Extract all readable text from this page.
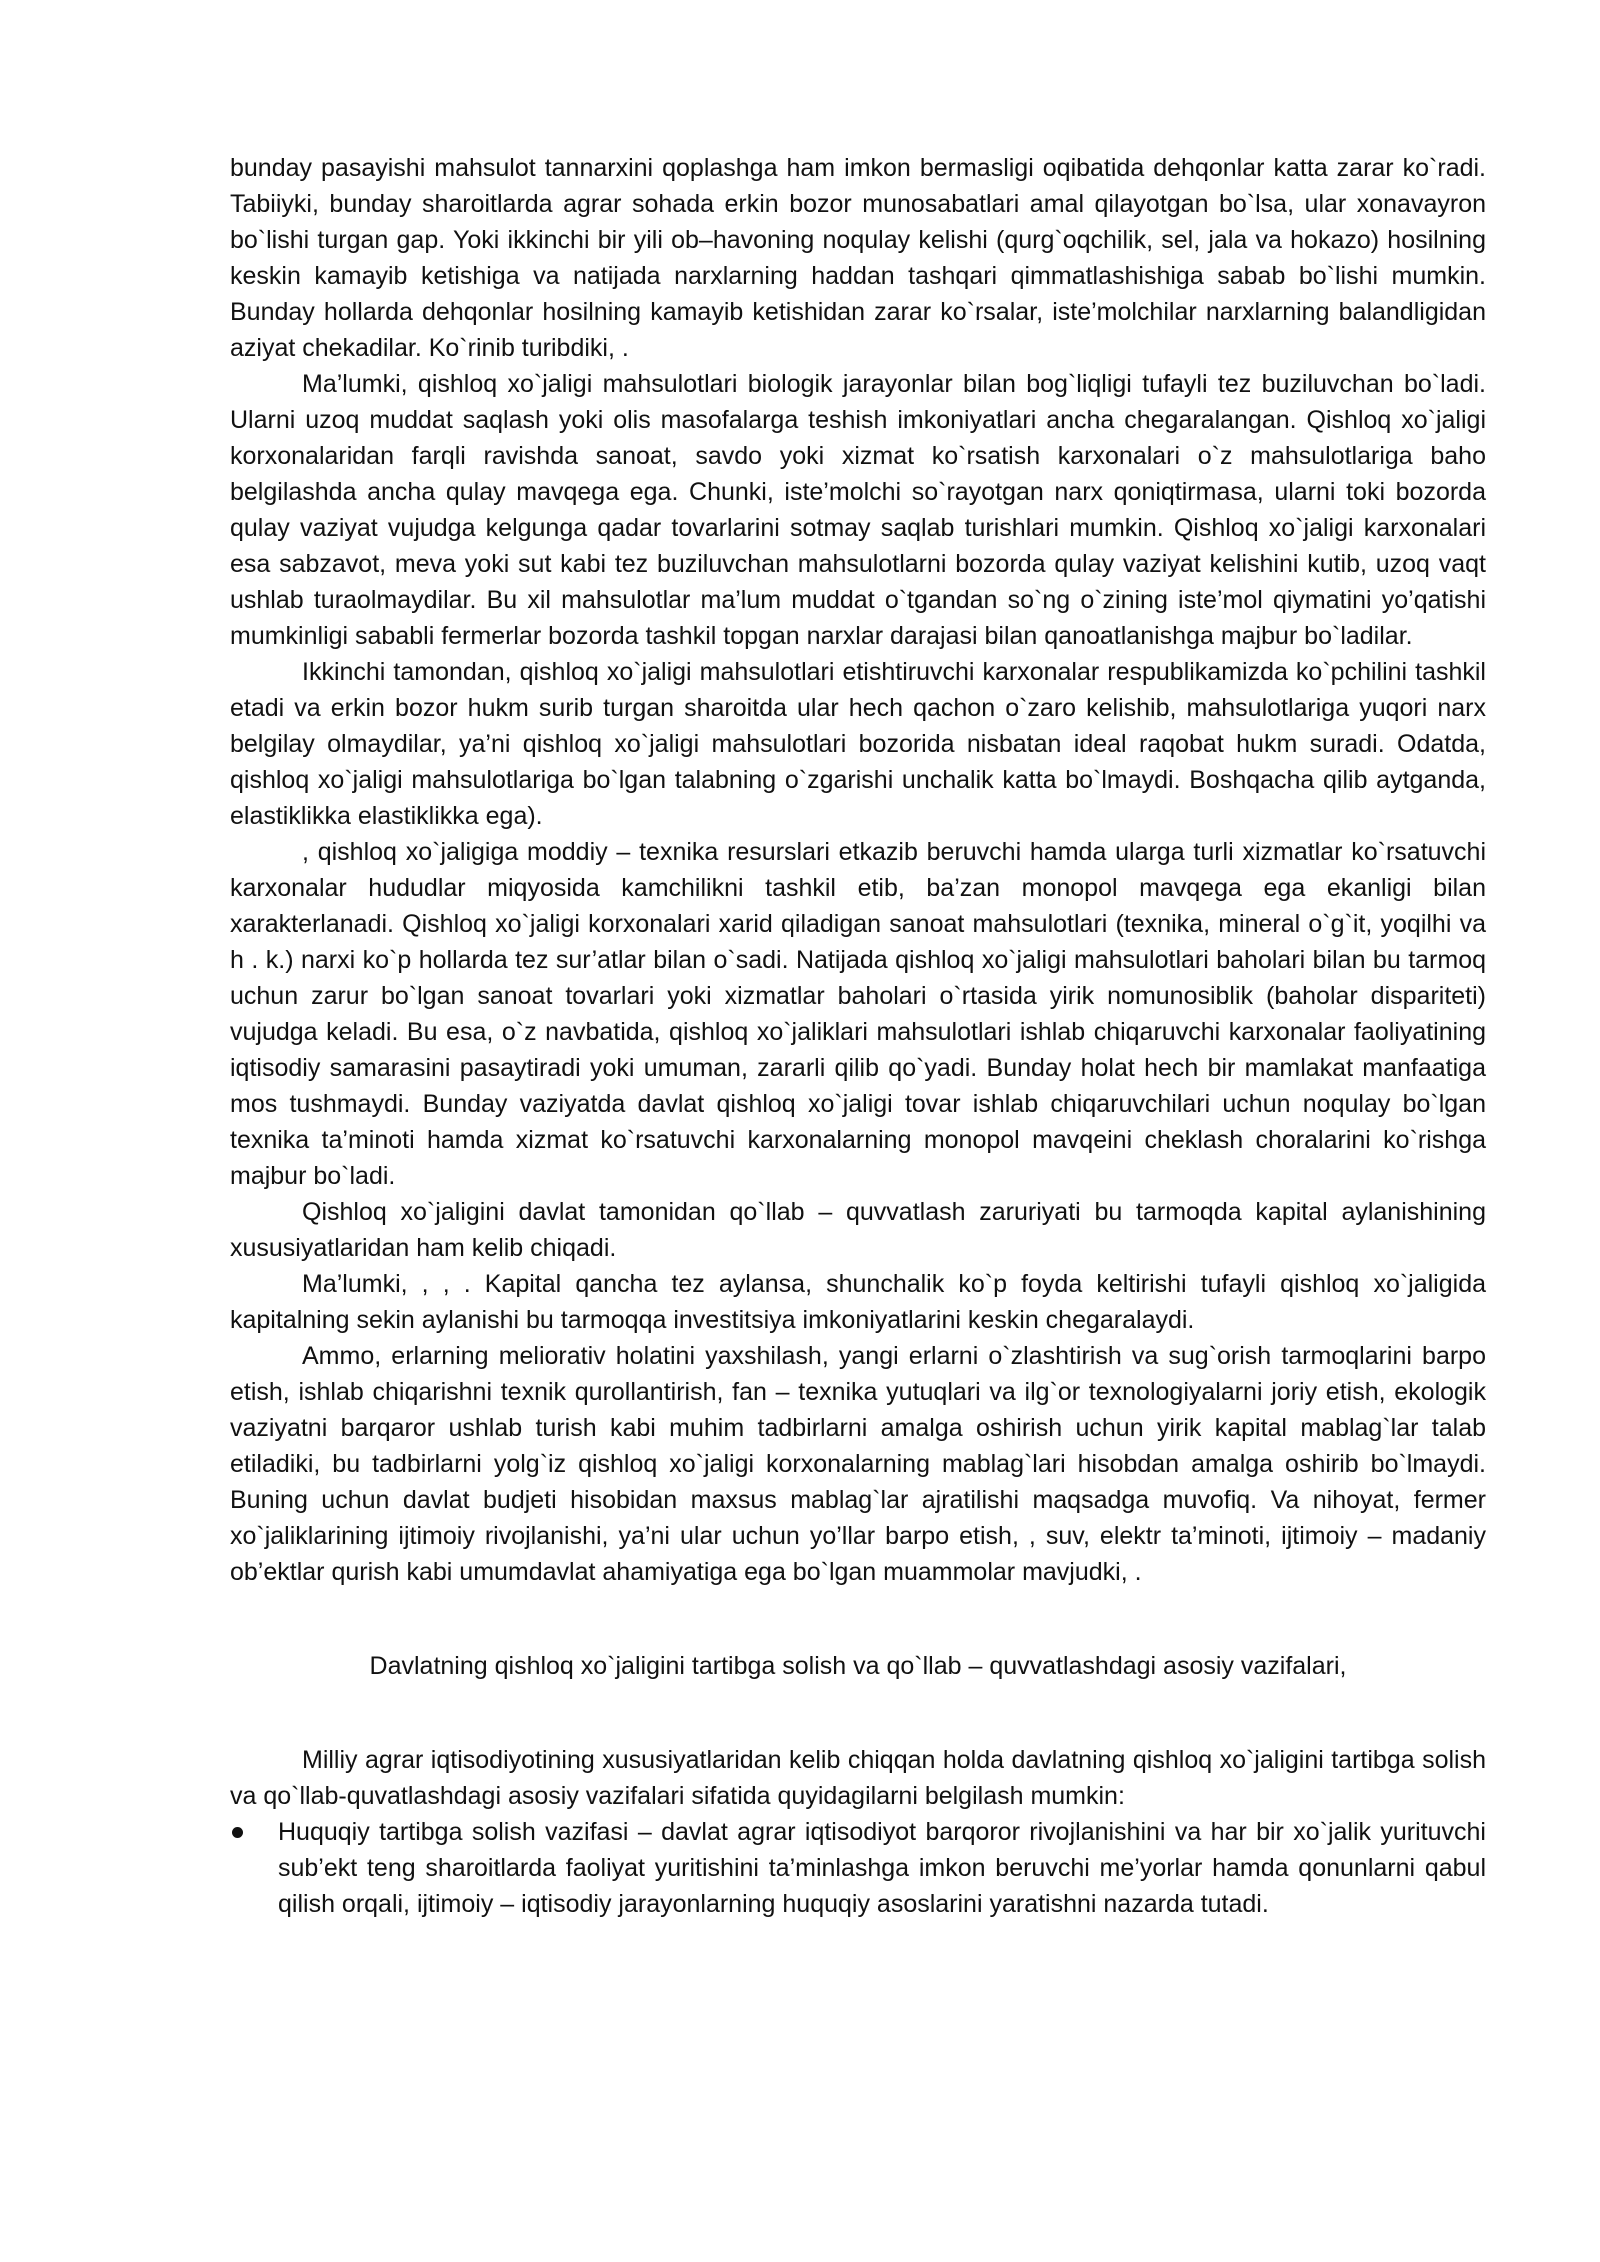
bunday pasayishi mahsulot tannarxini qoplashga ham imkon bermasligi oqibatida dehqonlar katta zarar ko`radi. Tabiiyki, bunday sharoitlarda agrar sohada erkin bozor munosabatlari amal qilayotgan bo`lsa, ular xonavayron bo`lishi turgan gap. Yoki ikkinchi bir yili ob–havoning noqulay kelishi (qurg`oqchilik, sel, jala va hokazo) hosilning keskin kamayib ketishiga va natijada narxlarning haddan tashqari qimmatlashishiga sabab bo`lishi mumkin. Bunday hollarda dehqonlar hosilning kamayib ketishidan zarar ko`rsalar, iste’molchilar narxlarning balandligidan aziyat chekadilar. Ko`rinib turibdiki, .

Ma’lumki, qishloq xo`jaligi mahsulotlari biologik jarayonlar bilan bog`liqligi tufayli tez buziluvchan bo`ladi. Ularni uzoq muddat saqlash yoki olis masofalarga teshish imkoniyatlari ancha chegaralangan. Qishloq xo`jaligi korxonalaridan farqli ravishda sanoat, savdo yoki xizmat ko`rsatish karxonalari o`z mahsulotlariga baho belgilashda ancha qulay mavqega ega. Chunki, iste’molchi so`rayotgan narx qoniqtirmasa, ularni toki bozorda qulay vaziyat vujudga kelgunga qadar tovarlarini sotmay saqlab turishlari mumkin. Qishloq xo`jaligi karxonalari esa sabzavot, meva yoki sut kabi tez buziluvchan mahsulotlarni bozorda qulay vaziyat kelishini kutib, uzoq vaqt ushlab turaolmaydilar. Bu xil mahsulotlar ma’lum muddat o`tgandan so`ng o`zining iste’mol qiymatini yo’qatishi mumkinligi sababli fermerlar bozorda tashkil topgan narxlar darajasi bilan qanoatlanishga majbur bo`ladilar.

Ikkinchi tamondan, qishloq xo`jaligi mahsulotlari etishtiruvchi karxonalar respublikamizda ko`pchilini tashkil etadi va erkin bozor hukm surib turgan sharoitda ular hech qachon o`zaro kelishib, mahsulotlariga yuqori narx belgilay olmaydilar, ya’ni qishloq xo`jaligi mahsulotlari bozorida nisbatan ideal raqobat hukm suradi. Odatda, qishloq xo`jaligi mahsulotlariga bo`lgan talabning o`zgarishi unchalik katta bo`lmaydi. Boshqacha qilib aytganda, elastiklikka elastiklikka ega).

, qishloq xo`jaligiga moddiy – texnika resurslari etkazib beruvchi hamda ularga turli xizmatlar ko`rsatuvchi karxonalar hududlar miqyosida kamchilikni tashkil etib, ba’zan monopol mavqega ega ekanligi bilan xarakterlanadi. Qishloq xo`jaligi korxonalari xarid qiladigan sanoat mahsulotlari (texnika, mineral o`g`it, yoqilhi va h . k.) narxi ko`p hollarda tez sur’atlar bilan o`sadi. Natijada qishloq xo`jaligi mahsulotlari baholari bilan bu tarmoq uchun zarur bo`lgan sanoat tovarlari yoki xizmatlar baholari o`rtasida yirik nomunosiblik (baholar dispariteti) vujudga keladi. Bu esa, o`z navbatida, qishloq xo`jaliklari mahsulotlari ishlab chiqaruvchi karxonalar faoliyatining iqtisodiy samarasini pasaytiradi yoki umuman, zararli qilib qo`yadi. Bunday holat hech bir mamlakat manfaatiga mos tushmaydi. Bunday vaziyatda davlat qishloq xo`jaligi tovar ishlab chiqaruvchilari uchun noqulay bo`lgan texnika ta’minoti hamda xizmat ko`rsatuvchi karxonalarning monopol mavqeini cheklash choralarini ko`rishga majbur bo`ladi.

Qishloq xo`jaligini davlat tamonidan qo`llab – quvvatlash zaruriyati bu tarmoqda kapital aylanishining xususiyatlaridan ham kelib chiqadi.

Ma’lumki, , , . Kapital qancha tez aylansa, shunchalik ko`p foyda keltirishi tufayli qishloq xo`jaligida kapitalning sekin aylanishi bu tarmoqqa investitsiya imkoniyatlarini keskin chegaralaydi.

Ammo, erlarning meliorativ holatini yaxshilash, yangi erlarni o`zlashtirish va sug`orish tarmoqlarini barpo etish, ishlab chiqarishni texnik qurollantirish, fan – texnika yutuqlari va ilg`or texnologiyalarni joriy etish, ekologik vaziyatni barqaror ushlab turish kabi muhim tadbirlarni amalga oshirish uchun yirik kapital mablag`lar talab etiladiki, bu tadbirlarni yolg`iz qishloq xo`jaligi korxonalarning mablag`lari hisobdan amalga oshirib bo`lmaydi. Buning uchun davlat budjeti hisobidan maxsus mablag`lar ajratilishi maqsadga muvofiq. Va nihoyat, fermer xo`jaliklarining ijtimoiy rivojlanishi, ya’ni ular uchun yo’llar barpo etish, , suv, elektr ta’minoti, ijtimoiy – madaniy ob’ektlar qurish kabi umumdavlat ahamiyatiga ega bo`lgan muammolar mavjudki, .

Davlatning qishloq xo`jaligini tartibga solish va qo`llab – quvvatlashdagi asosiy vazifalari,

Milliy agrar iqtisodiyotining xususiyatlaridan kelib chiqqan holda davlatning qishloq xo`jaligini tartibga solish va qo`llab-quvatlashdagi asosiy vazifalari sifatida quyidagilarni belgilash mumkin:

Huquqiy tartibga solish vazifasi – davlat agrar iqtisodiyot barqoror rivojlanishini va har bir xo`jalik yurituvchi sub’ekt teng sharoitlarda faoliyat yuritishini ta’minlashga imkon beruvchi me’yorlar hamda qonunlarni qabul qilish orqali, ijtimoiy – iqtisodiy jarayonlarning huquqiy asoslarini yaratishni nazarda tutadi.
